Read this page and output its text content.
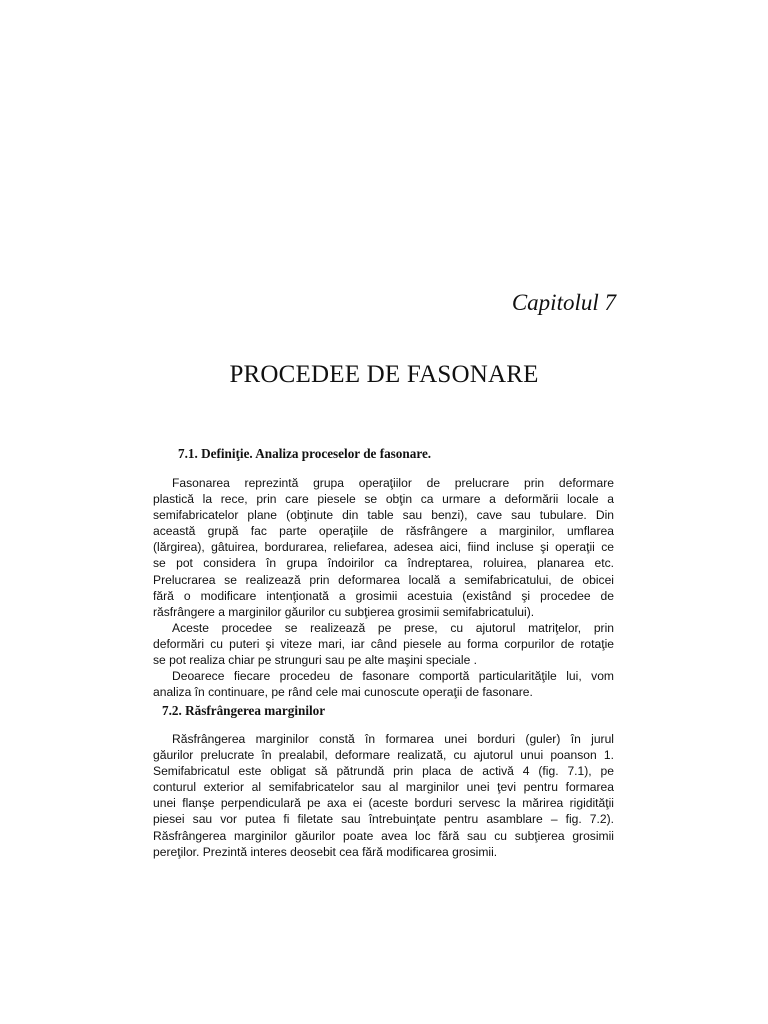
Capitolul 7
PROCEDEE DE FASONARE
7.1. Definiţie. Analiza proceselor de fasonare.
Fasonarea reprezintă grupa operaţiilor de prelucrare prin deformare
plastică la rece, prin care piesele se obţin ca urmare a deformării locale a
semifabricatelor plane (obţinute din table sau benzi), cave sau tubulare. Din
această grupă fac parte operaţiile de răsfrângere a marginilor, umflarea
(lărgirea), gâtuirea, bordurarea, reliefarea, adesea aici, fiind incluse şi operaţii ce
se pot considera în grupa îndoirilor ca îndreptarea, roluirea, planarea etc.
Prelucrarea se realizează prin deformarea locală a semifabricatului, de obicei
fără o modificare intenţionată a grosimii acestuia (existând şi procedee de
răsfrângere a marginilor găurilor cu subţierea grosimii semifabricatului).
Aceste procedee se realizează pe prese, cu ajutorul matriţelor, prin
deformări cu puteri şi viteze mari, iar când piesele au forma corpurilor de rotaţie
se pot realiza chiar pe strunguri sau pe alte maşini speciale .
Deoarece fiecare procedeu de fasonare comportă particularităţile lui, vom
analiza în continuare, pe rând cele mai cunoscute operaţii de fasonare.
7.2. Răsfrângerea marginilor
Răsfrângerea marginilor constă în formarea unei borduri (guler) în jurul
găurilor prelucrate în prealabil, deformare realizată, cu ajutorul unui poanson 1.
Semifabricatul este obligat să pătrundă prin placa de activă 4 (fig. 7.1), pe
conturul exterior al semifabricatelor sau al marginilor unei ţevi pentru formarea
unei flanşe perpendiculară pe axa ei (aceste borduri servesc la mărirea rigidităţii
piesei sau vor putea fi filetate sau întrebuinţate pentru asamblare – fig. 7.2).
Răsfrângerea marginilor găurilor poate avea loc fără sau cu subţierea grosimii
pereţilor. Prezintă interes deosebit cea fără modificarea grosimii.
